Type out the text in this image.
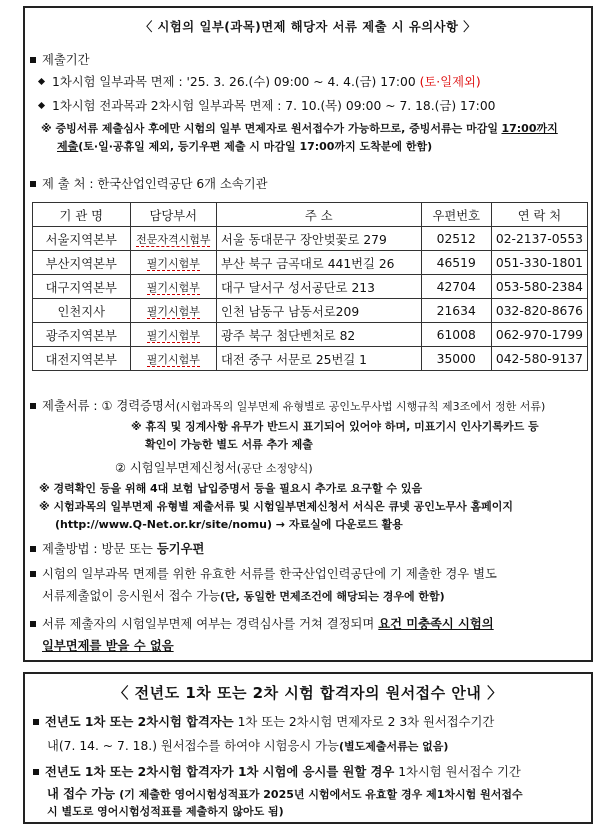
〈 시험의 일부(과목)면제 해당자 서류 제출 시 유의사항 〉
제출기간
1차시험 일부과목 면제 : '25. 3. 26.(수) 09:00 ~ 4. 4.(금) 17:00 (토·일제외)
1차시험 전과목과 2차시험 일부과목 면제 : 7. 10.(목) 09:00 ~ 7. 18.(금) 17:00
※ 증빙서류 제출심사 후에만 시험의 일부 면제자로 원서접수가 가능하므로, 증빙서류는 마감일 17:00까지
제출(토·일·공휴일 제외, 등기우편 제출 시 마감일 17:00까지 도착분에 한함)
제 출 처 : 한국산업인력공단 6개 소속기관
기 관 명	담당부서	주 소	우편번호	연 락 처
서울지역본부	전문자격시험부	서울 동대문구 장안벚꽃로 279	02512	02-2137-0553
부산지역본부	필기시험부	부산 북구 금곡대로 441번길 26	46519	051-330-1801
대구지역본부	필기시험부	대구 달서구 성서공단로 213	42704	053-580-2384
인천지사	필기시험부	인천 남동구 남동서로209	21634	032-820-8676
광주지역본부	필기시험부	광주 북구 첨단벤처로 82	61008	062-970-1799
대전지역본부	필기시험부	대전 중구 서문로 25번길 1	35000	042-580-9137
제출서류 : ① 경력증명서(시험과목의 일부면제 유형별로 공인노무사법 시행규칙 제3조에서 정한 서류)
※ 휴직 및 징계사항 유무가 반드시 표기되어 있어야 하며, 미표기시 인사기록카드 등
확인이 가능한 별도 서류 추가 제출
② 시험일부면제신청서(공단 소정양식)
※ 경력확인 등을 위해 4대 보험 납입증명서 등을 필요시 추가로 요구할 수 있음
※ 시험과목의 일부면제 유형별 제출서류 및 시험일부면제신청서 서식은 큐넷 공인노무사 홈페이지
(http://www.Q-Net.or.kr/site/nomu) → 자료실에 다운로드 활용
제출방법 : 방문 또는 등기우편
시험의 일부과목 면제를 위한 유효한 서류를 한국산업인력공단에 기 제출한 경우 별도
서류제출없이 응시원서 접수 가능(단, 동일한 면제조건에 해당되는 경우에 한함)
서류 제출자의 시험일부면제 여부는 경력심사를 거쳐 결정되며 요건 미충족시 시험의
일부면제를 받을 수 없음
〈 전년도 1차 또는 2차 시험 합격자의 원서접수 안내 〉
전년도 1차 또는 2차시험 합격자는 1차 또는 2차시험 면제자로 2 3차 원서접수기간
내(7. 14. ~ 7. 18.) 원서접수를 하여야 시험응시 가능(별도제출서류는 없음)
전년도 1차 또는 2차시험 합격자가 1차 시험에 응시를 원할 경우 1차시험 원서접수 기간
내 접수 가능 (기 제출한 영어시험성적표가 2025년 시험에서도 유효할 경우 제1차시험 원서접수
시 별도로 영어시험성적표를 제출하지 않아도 됨)
